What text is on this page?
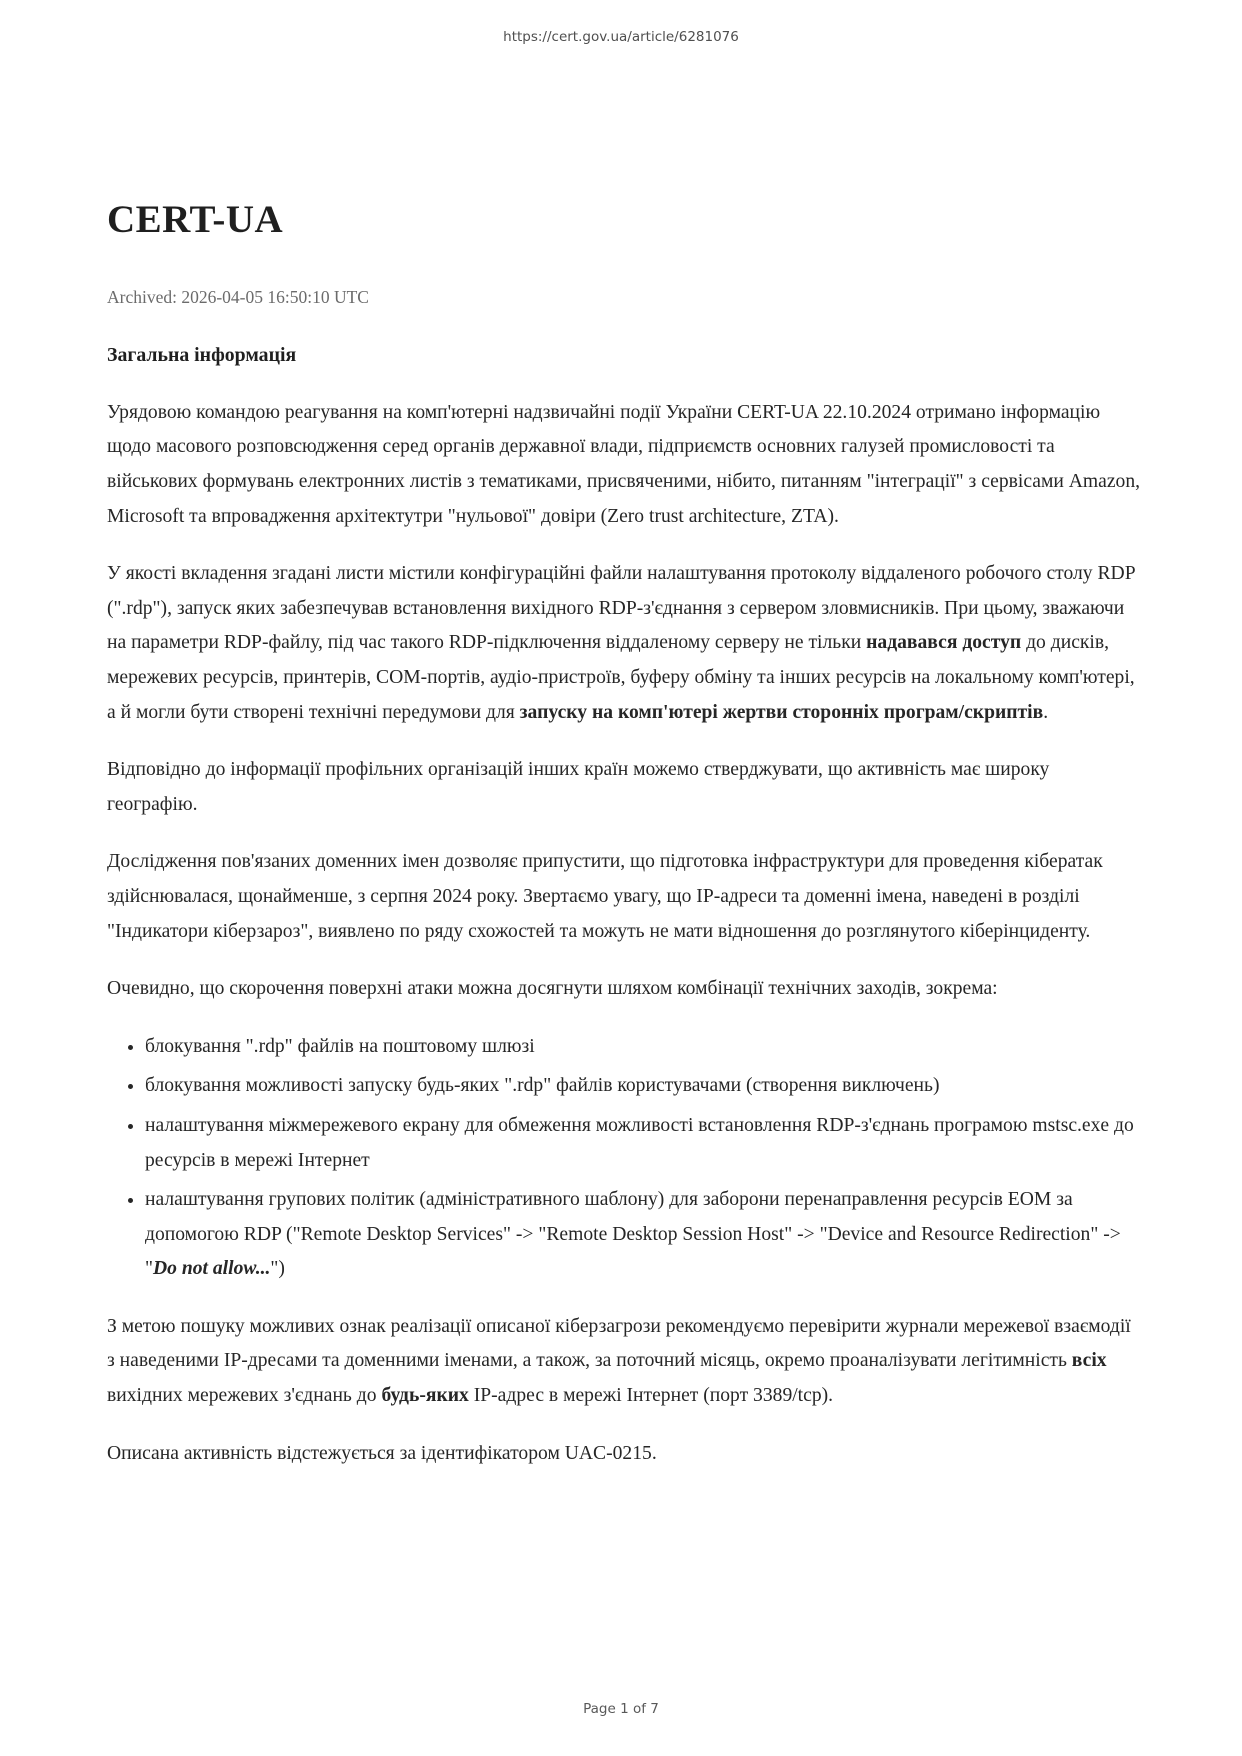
https://cert.gov.ua/article/6281076
CERT-UA
Archived: 2026-04-05 16:50:10 UTC
Загальна інформація

Урядовою командою реагування на комп'ютерні надзвичайні події України CERT-UA 22.10.2024 отримано інформацію щодо масового розповсюдження серед органів державної влади, підприємств основних галузей промисловості та військових формувань електронних листів з тематиками, присвяченими, нібито, питанням "інтеграції" з сервісами Amazon, Microsoft та впровадження архітектутри "нульової" довіри (Zero trust architecture, ZTA).

У якості вкладення згадані листи містили конфігураційні файли налаштування протоколу віддаленого робочого столу RDP (".rdp"), запуск яких забезпечував встановлення вихідного RDP-з'єднання з сервером зловмисників. При цьому, зважаючи на параметри RDP-файлу, під час такого RDP-підключення віддаленому серверу не тільки надавався доступ до дисків, мережевих ресурсів, принтерів, COM-портів, аудіо-пристроїв, буферу обміну та інших ресурсів на локальному комп'ютері, а й могли бути створені технічні передумови для запуску на комп'ютері жертви сторонніх програм/скриптів.

Відповідно до інформації профільних організацій інших країн можемо стверджувати, що активність має широку географію.

Дослідження пов'язаних доменних імен дозволяє припустити, що підготовка інфраструктури для проведення кібератак здійснювалася, щонайменше, з серпня 2024 року. Звертаємо увагу, що IP-адреси та доменні імена, наведені в розділі "Індикатори кіберзароз", виявлено по ряду схожостей та можуть не мати відношення до розглянутого кіберінциденту.

Очевидно, що скорочення поверхні атаки можна досягнути шляхом комбінації технічних заходів, зокрема:

• блокування ".rdp" файлів на поштовому шлюзі
• блокування можливості запуску будь-яких ".rdp" файлів користувачами (створення виключень)
• налаштування міжмережевого екрану для обмеження можливості встановлення RDP-з'єднань програмою mstsc.exe до ресурсів в мережі Інтернет
• налаштування групових політик (адміністративного шаблону) для заборони перенаправлення ресурсів ЕОМ за допомогою RDP ("Remote Desktop Services" -> "Remote Desktop Session Host" -> "Device and Resource Redirection" -> "Do not allow...")

З метою пошуку можливих ознак реалізації описаної кіберзагрози рекомендуємо перевірити журнали мережевої взаємодії з наведеними IP-дресами та доменними іменами, а також, за поточний місяць, окремо проаналізувати легітимність всіх вихідних мережевих з'єднань до будь-яких IP-адрес в мережі Інтернет (порт 3389/tcp).

Описана активність відстежується за ідентифікатором UAC-0215.

Page 1 of 7
